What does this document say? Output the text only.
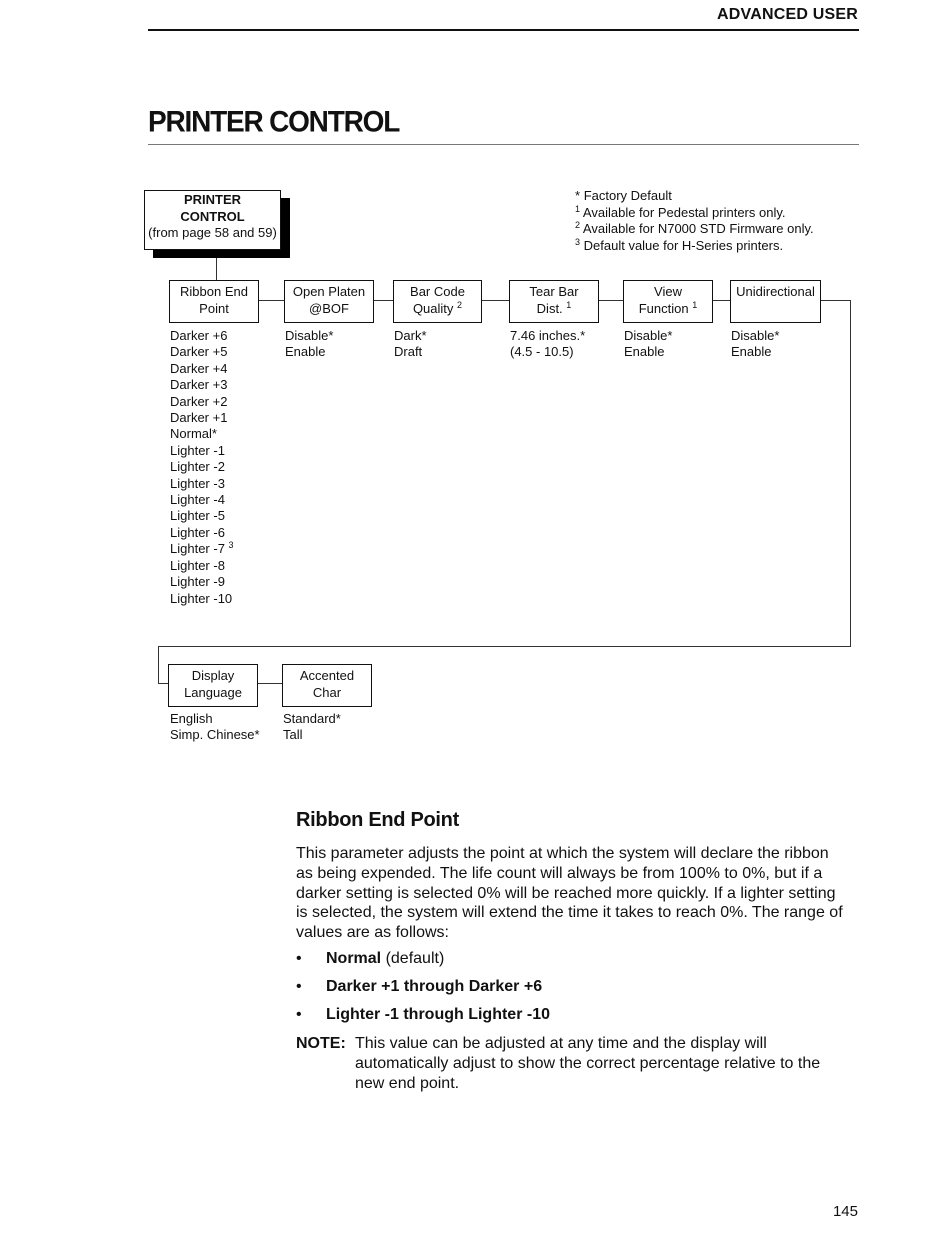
ADVANCED USER
PRINTER CONTROL
* Factory Default
$^1$ Available for Pedestal printers only.
$^2$ Available for N7000 STD Firmware only.
$^3$ Default value for H-Series printers.
PRINTER
CONTROL
(from page 58 and 59)
Ribbon End
Point
Open Platen
@BOF
Bar Code
Quality $^2$
Tear Bar
Dist. $^1$
View
Function $^1$
Unidirectional
Display
Language
Accented
Char
Darker +6
Darker +5
Darker +4
Darker +3
Darker +2
Darker +1
Normal*
Lighter -1
Lighter -2
Lighter -3
Lighter -4
Lighter -5
Lighter -6
Lighter -7 $^3$
Lighter -8
Lighter -9
Lighter -10
Disable*
Enable
Dark*
Draft
7.46 inches.*
(4.5 - 10.5)
Disable*
Enable
Disable*
Enable
English
Simp. Chinese*
Standard*
Tall
Ribbon End Point
This parameter adjusts the point at which the system will declare the ribbon
as being expended. The life count will always be from 100% to 0%, but if a
darker setting is selected 0% will be reached more quickly. If a lighter setting
is selected, the system will extend the time it takes to reach 0%. The range of
values are as follows:
• Normal (default)
• Darker +1 through Darker +6
• Lighter -1 through Lighter -10
NOTE: This value can be adjusted at any time and the display will
automatically adjust to show the correct percentage relative to the
new end point.
145
